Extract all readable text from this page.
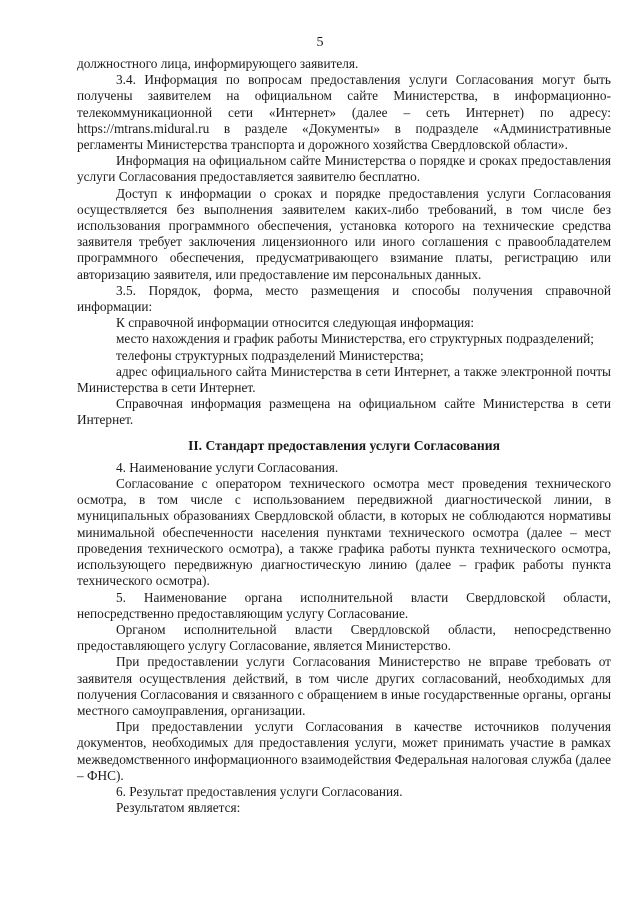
5

должностного лица, информирующего заявителя.

3.4. Информация по вопросам предоставления услуги Согласования могут быть получены заявителем на официальном сайте Министерства, в информационно-телекоммуникационной сети «Интернет» (далее – сеть Интернет) по адресу: https://mtrans.midural.ru в разделе «Документы» в подразделе «Административные регламенты Министерства транспорта и дорожного хозяйства Свердловской области».

Информация на официальном сайте Министерства о порядке и сроках предоставления услуги Согласования предоставляется заявителю бесплатно.

Доступ к информации о сроках и порядке предоставления услуги Согласования осуществляется без выполнения заявителем каких-либо требований, в том числе без использования программного обеспечения, установка которого на технические средства заявителя требует заключения лицензионного или иного соглашения с правообладателем программного обеспечения, предусматривающего взимание платы, регистрацию или авторизацию заявителя, или предоставление им персональных данных.

3.5. Порядок, форма, место размещения и способы получения справочной информации:

К справочной информации относится следующая информация:

место нахождения и график работы Министерства, его структурных подразделений;

телефоны структурных подразделений Министерства;

адрес официального сайта Министерства в сети Интернет, а также электронной почты Министерства в сети Интернет.

Справочная информация размещена на официальном сайте Министерства в сети Интернет.

II. Стандарт предоставления услуги Согласования

4. Наименование услуги Согласования.

Согласование с оператором технического осмотра мест проведения технического осмотра, в том числе с использованием передвижной диагностической линии, в муниципальных образованиях Свердловской области, в которых не соблюдаются нормативы минимальной обеспеченности населения пунктами технического осмотра (далее – мест проведения технического осмотра), а также графика работы пункта технического осмотра, использующего передвижную диагностическую линию (далее – график работы пункта технического осмотра).

5. Наименование органа исполнительной власти Свердловской области, непосредственно предоставляющим услугу Согласование.

Органом исполнительной власти Свердловской области, непосредственно предоставляющего услугу Согласование, является Министерство.

При предоставлении услуги Согласования Министерство не вправе требовать от заявителя осуществления действий, в том числе других согласований, необходимых для получения Согласования и связанного с обращением в иные государственные органы, органы местного самоуправления, организации.

При предоставлении услуги Согласования в качестве источников получения документов, необходимых для предоставления услуги, может принимать участие в рамках межведомственного информационного взаимодействия Федеральная налоговая служба (далее – ФНС).

6. Результат предоставления услуги Согласования.

Результатом является:
